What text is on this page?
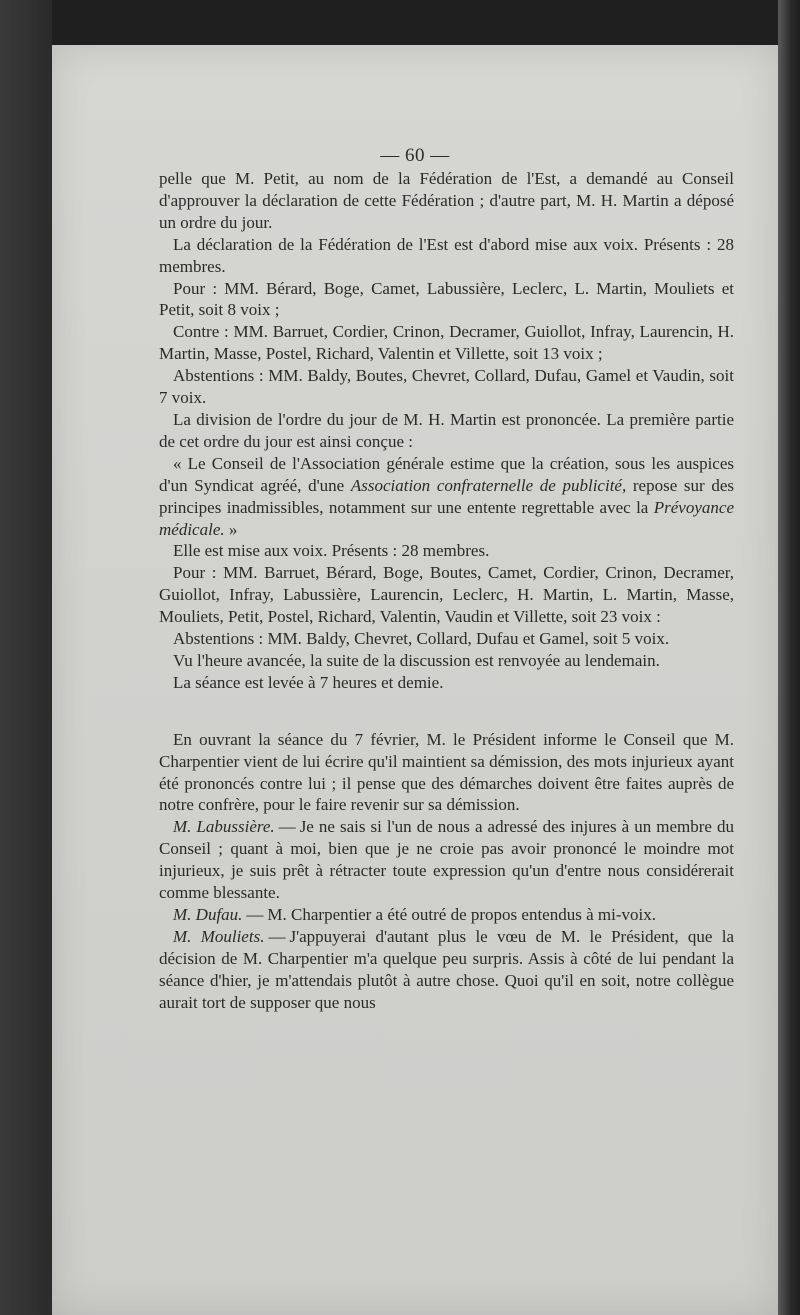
— 60 —

pelle que M. Petit, au nom de la Fédération de l'Est, a demandé au Conseil d'approuver la déclaration de cette Fédération ; d'autre part, M. H. Martin a déposé un ordre du jour.

La déclaration de la Fédération de l'Est est d'abord mise aux voix. Présents : 28 membres.

Pour : MM. Bérard, Boge, Camet, Labussière, Leclerc, L. Martin, Mouliets et Petit, soit 8 voix ;

Contre : MM. Barruet, Cordier, Crinon, Decramer, Guiollot, Infray, Laurencin, H. Martin, Masse, Postel, Richard, Valentin et Villette, soit 13 voix ;

Abstentions : MM. Baldy, Boutes, Chevret, Collard, Dufau, Gamel et Vaudin, soit 7 voix.

La division de l'ordre du jour de M. H. Martin est prononcée. La première partie de cet ordre du jour est ainsi conçue :

« Le Conseil de l'Association générale estime que la création, sous les auspices d'un Syndicat agréé, d'une Association confraternelle de publicité, repose sur des principes inadmissibles, notamment sur une entente regrettable avec la Prévoyance médicale. »

Elle est mise aux voix. Présents : 28 membres.

Pour : MM. Barruet, Bérard, Boge, Boutes, Camet, Cordier, Crinon, Decramer, Guiollot, Infray, Labussière, Laurencin, Leclerc, H. Martin, L. Martin, Masse, Mouliets, Petit, Postel, Richard, Valentin, Vaudin et Villette, soit 23 voix :

Abstentions : MM. Baldy, Chevret, Collard, Dufau et Gamel, soit 5 voix.

Vu l'heure avancée, la suite de la discussion est renvoyée au lendemain.

La séance est levée à 7 heures et demie.

En ouvrant la séance du 7 février, M. le Président informe le Conseil que M. Charpentier vient de lui écrire qu'il maintient sa démission, des mots injurieux ayant été prononcés contre lui ; il pense que des démarches doivent être faites auprès de notre confrère, pour le faire revenir sur sa démission.

M. Labussière. — Je ne sais si l'un de nous a adressé des injures à un membre du Conseil ; quant à moi, bien que je ne croie pas avoir prononcé le moindre mot injurieux, je suis prêt à rétracter toute expression qu'un d'entre nous considérerait comme blessante.

M. Dufau. — M. Charpentier a été outré de propos entendus à mi-voix.

M. Mouliets. — J'appuyerai d'autant plus le vœu de M. le Président, que la décision de M. Charpentier m'a quelque peu surpris. Assis à côté de lui pendant la séance d'hier, je m'attendais plutôt à autre chose. Quoi qu'il en soit, notre collègue aurait tort de supposer que nous
